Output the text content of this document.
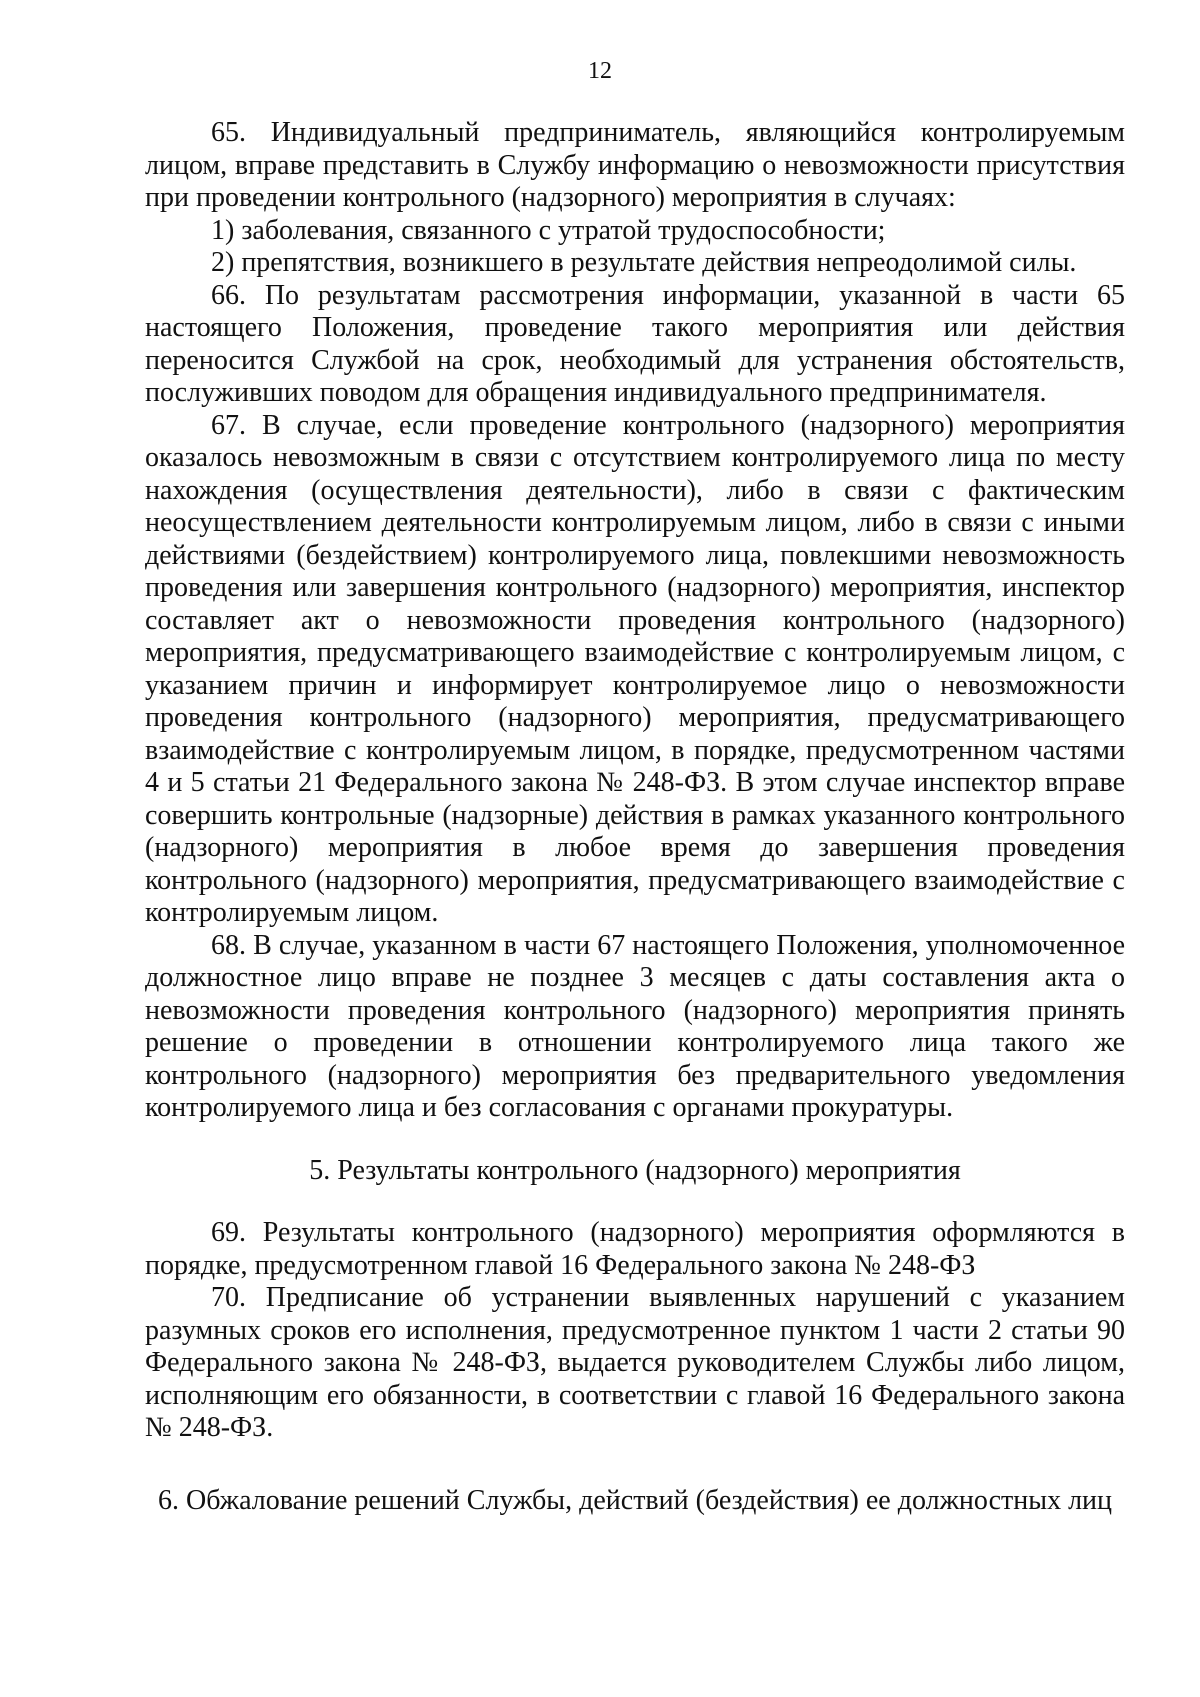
12

65. Индивидуальный предприниматель, являющийся контролируемым лицом, вправе представить в Службу информацию о невозможности присутствия при проведении контрольного (надзорного) мероприятия в случаях:

1) заболевания, связанного с утратой трудоспособности;

2) препятствия, возникшего в результате действия непреодолимой силы.

66. По результатам рассмотрения информации, указанной в части 65 настоящего Положения, проведение такого мероприятия или действия переносится Службой на срок, необходимый для устранения обстоятельств, послуживших поводом для обращения индивидуального предпринимателя.

67. В случае, если проведение контрольного (надзорного) мероприятия оказалось невозможным в связи с отсутствием контролируемого лица по месту нахождения (осуществления деятельности), либо в связи с фактическим неосуществлением деятельности контролируемым лицом, либо в связи с иными действиями (бездействием) контролируемого лица, повлекшими невозможность проведения или завершения контрольного (надзорного) мероприятия, инспектор составляет акт о невозможности проведения контрольного (надзорного) мероприятия, предусматривающего взаимодействие с контролируемым лицом, с указанием причин и информирует контролируемое лицо о невозможности проведения контрольного (надзорного) мероприятия, предусматривающего взаимодействие с контролируемым лицом, в порядке, предусмотренном частями 4 и 5 статьи 21 Федерального закона № 248-ФЗ. В этом случае инспектор вправе совершить контрольные (надзорные) действия в рамках указанного контрольного (надзорного) мероприятия в любое время до завершения проведения контрольного (надзорного) мероприятия, предусматривающего взаимодействие с контролируемым лицом.

68. В случае, указанном в части 67 настоящего Положения, уполномоченное должностное лицо вправе не позднее 3 месяцев с даты составления акта о невозможности проведения контрольного (надзорного) мероприятия принять решение о проведении в отношении контролируемого лица такого же контрольного (надзорного) мероприятия без предварительного уведомления контролируемого лица и без согласования с органами прокуратуры.

5. Результаты контрольного (надзорного) мероприятия

69. Результаты контрольного (надзорного) мероприятия оформляются в порядке, предусмотренном главой 16 Федерального закона № 248-ФЗ

70. Предписание об устранении выявленных нарушений с указанием разумных сроков его исполнения, предусмотренное пунктом 1 части 2 статьи 90 Федерального закона № 248-ФЗ, выдается руководителем Службы либо лицом, исполняющим его обязанности, в соответствии с главой 16 Федерального закона № 248-ФЗ.

6. Обжалование решений Службы, действий (бездействия) ее должностных лиц
